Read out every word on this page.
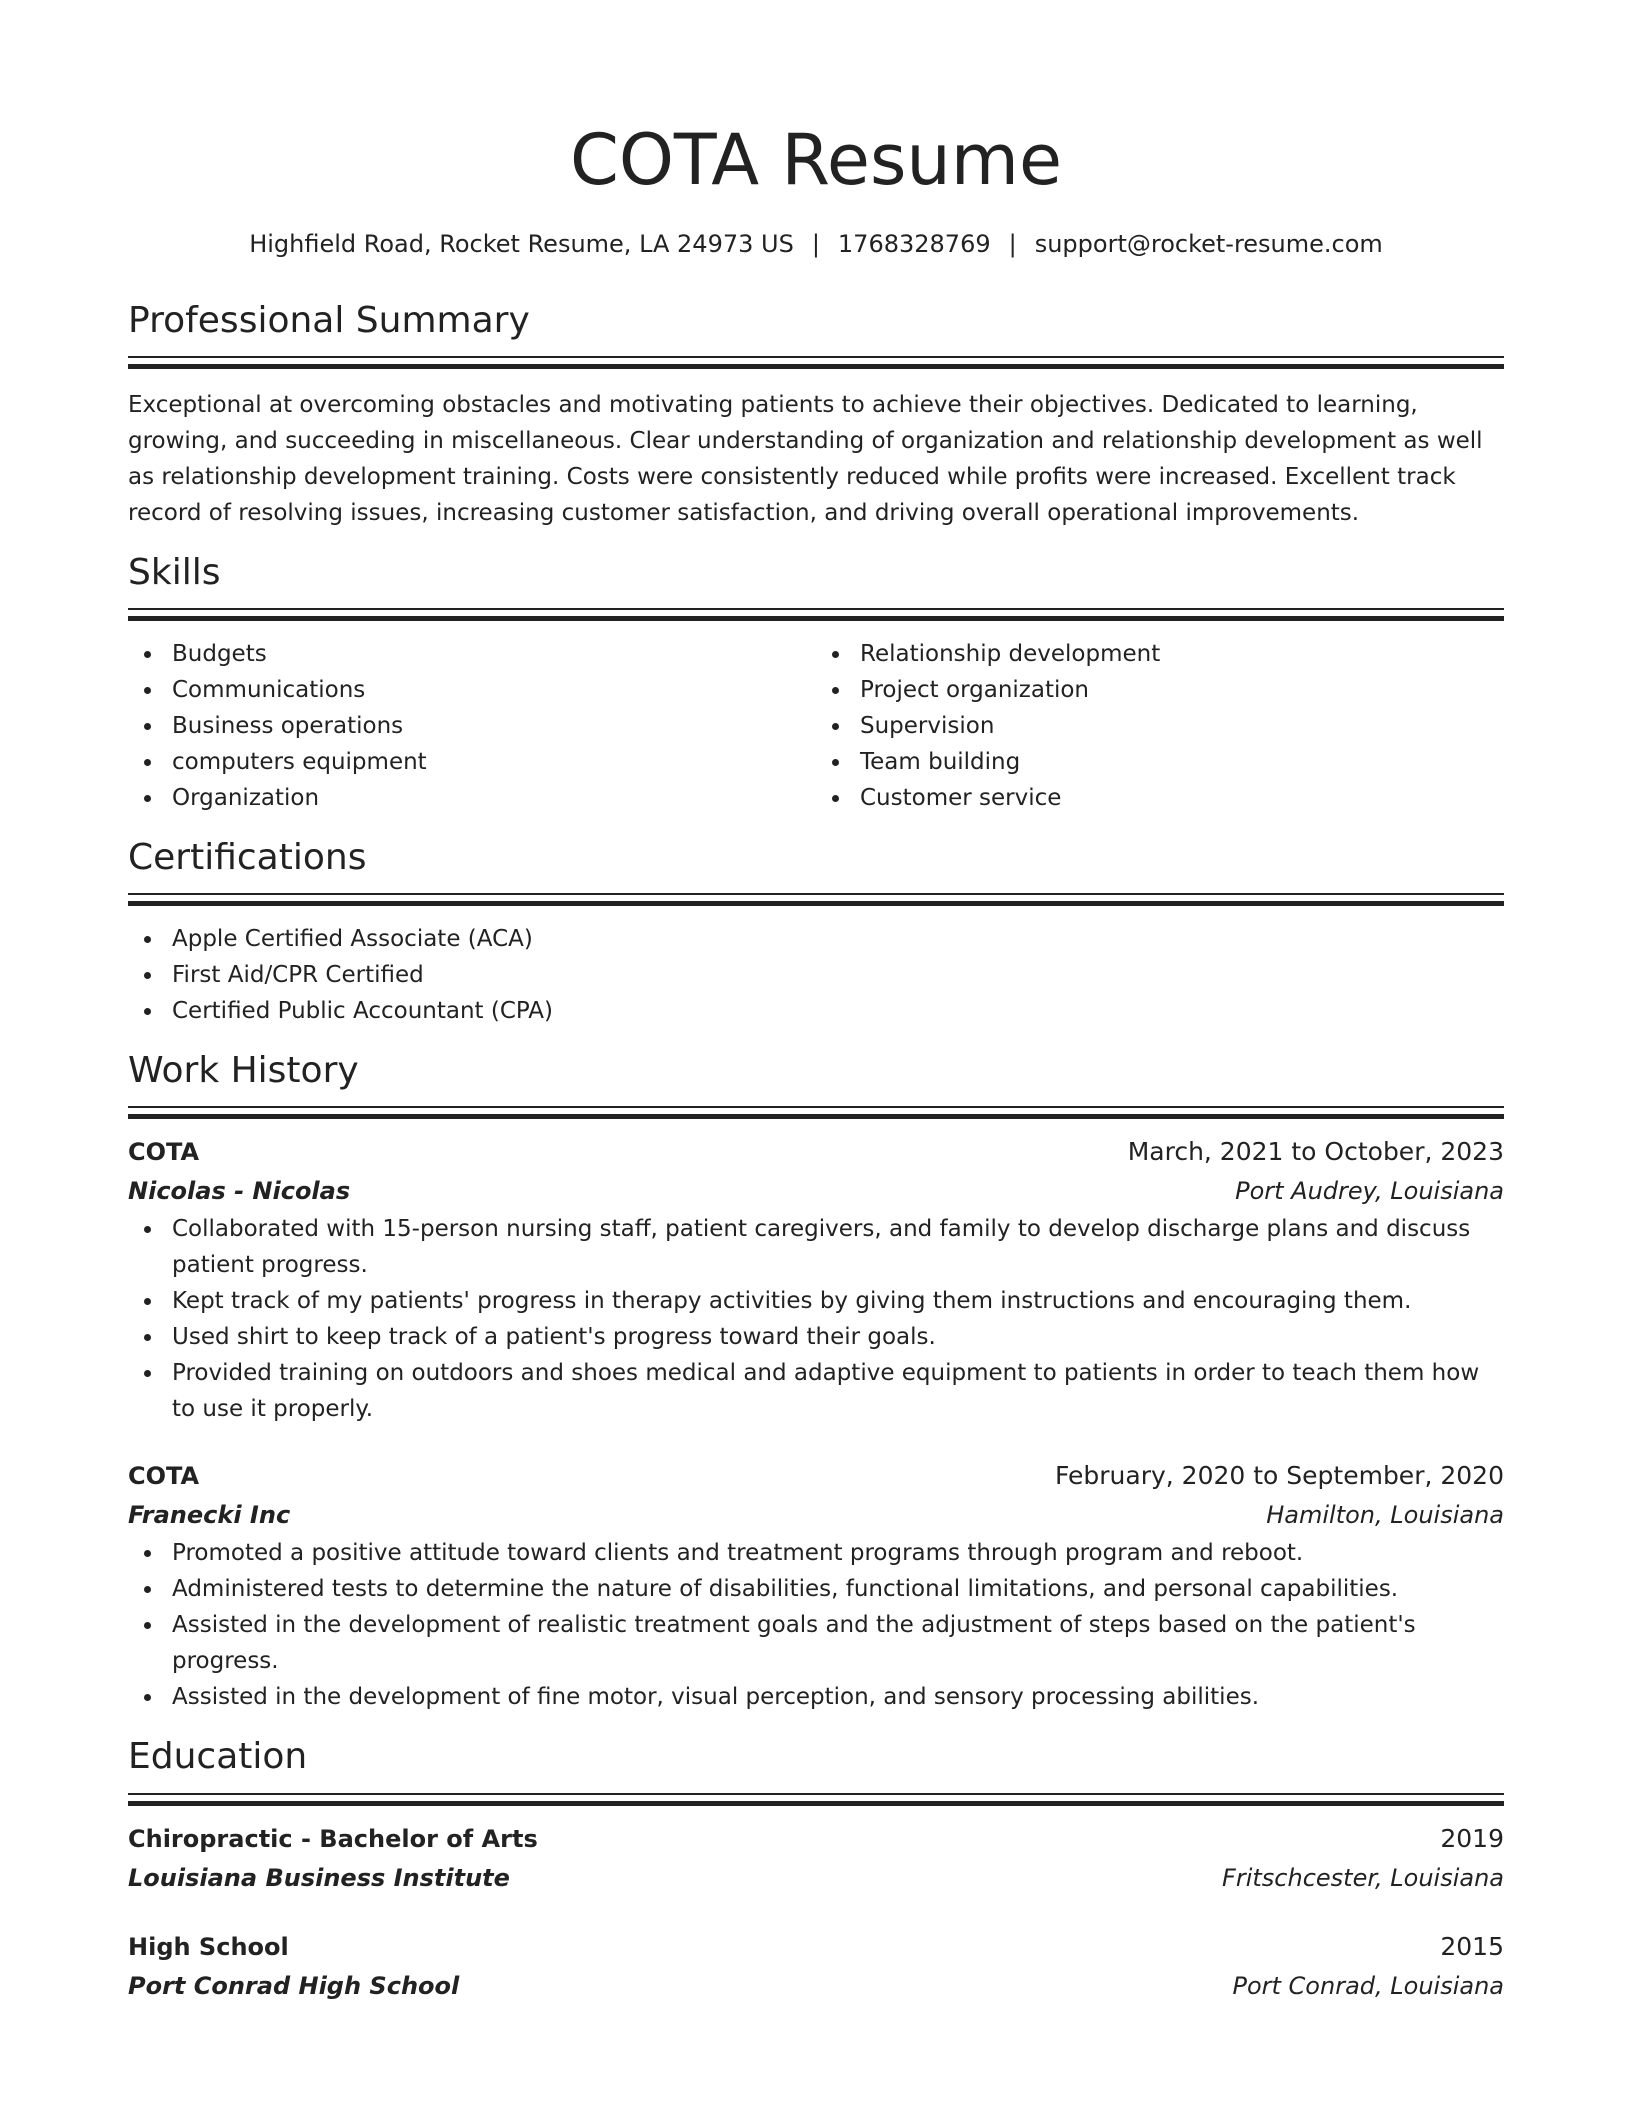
COTA Resume
Highfield Road, Rocket Resume, LA 24973 US | 1768328769 | support@rocket-resume.com
Professional Summary
Exceptional at overcoming obstacles and motivating patients to achieve their objectives. Dedicated to learning, growing, and succeeding in miscellaneous. Clear understanding of organization and relationship development as well as relationship development training. Costs were consistently reduced while profits were increased. Excellent track record of resolving issues, increasing customer satisfaction, and driving overall operational improvements.
Skills
Budgets
Communications
Business operations
computers equipment
Organization
Relationship development
Project organization
Supervision
Team building
Customer service
Certifications
Apple Certified Associate (ACA)
First Aid/CPR Certified
Certified Public Accountant (CPA)
Work History
COTA	March, 2021 to October, 2023
Nicolas - Nicolas	Port Audrey, Louisiana
Collaborated with 15-person nursing staff, patient caregivers, and family to develop discharge plans and discuss patient progress.
Kept track of my patients' progress in therapy activities by giving them instructions and encouraging them.
Used shirt to keep track of a patient's progress toward their goals.
Provided training on outdoors and shoes medical and adaptive equipment to patients in order to teach them how to use it properly.
COTA	February, 2020 to September, 2020
Franecki Inc	Hamilton, Louisiana
Promoted a positive attitude toward clients and treatment programs through program and reboot.
Administered tests to determine the nature of disabilities, functional limitations, and personal capabilities.
Assisted in the development of realistic treatment goals and the adjustment of steps based on the patient's progress.
Assisted in the development of fine motor, visual perception, and sensory processing abilities.
Education
Chiropractic - Bachelor of Arts	2019
Louisiana Business Institute	Fritschcester, Louisiana
High School	2015
Port Conrad High School	Port Conrad, Louisiana
